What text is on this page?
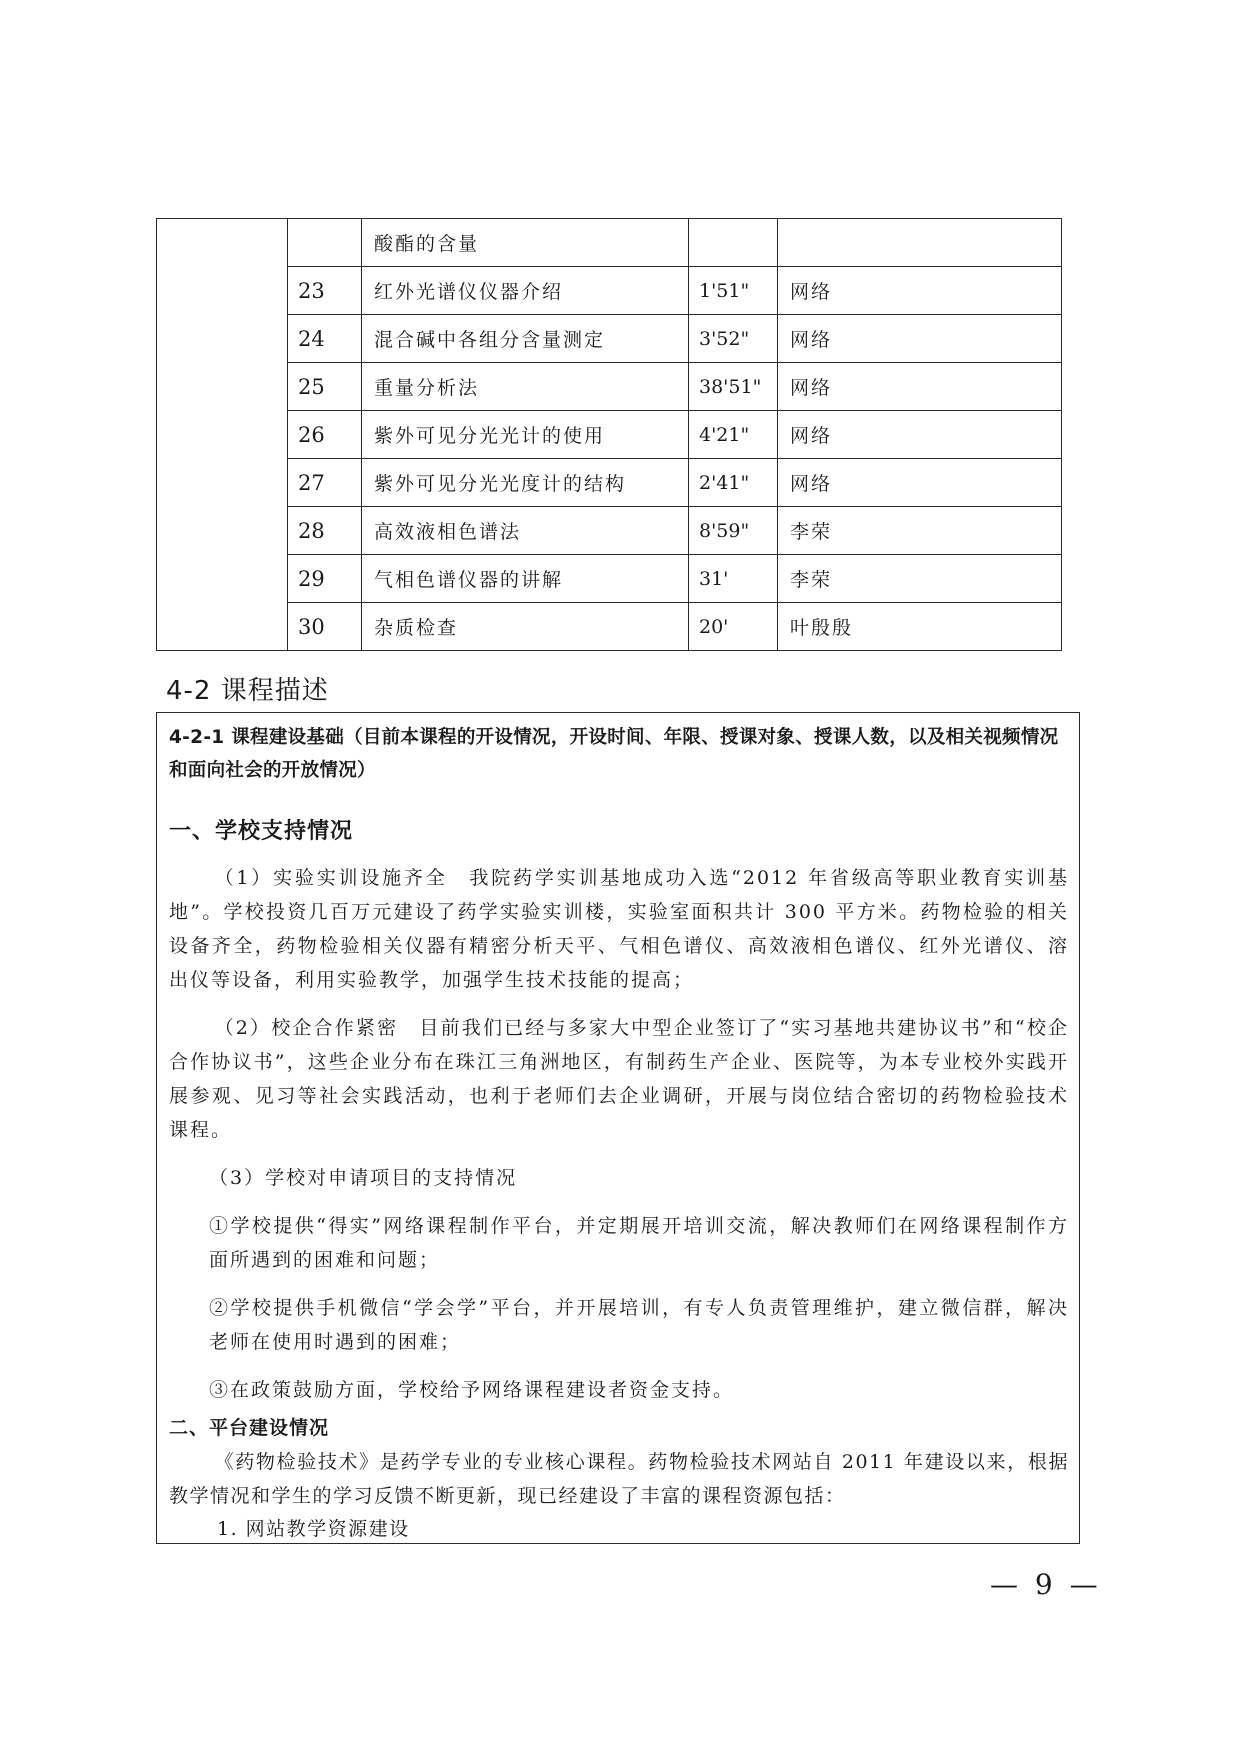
		酸酯的含量		
	23	红外光谱仪仪器介绍	1'51"	网络
	24	混合碱中各组分含量测定	3'52"	网络
	25	重量分析法	38'51"	网络
	26	紫外可见分光光计的使用	4'21"	网络
	27	紫外可见分光光度计的结构	2'41"	网络
	28	高效液相色谱法	8'59"	李荣
	29	气相色谱仪器的讲解	31'	李荣
	30	杂质检查	20'	叶殷殷
4-2 课程描述

4-2-1 课程建设基础（目前本课程的开设情况，开设时间、年限、授课对象、授课人数，以及相关视频情况和面向社会的开放情况）

一、学校支持情况

（1）实验实训设施齐全　我院药学实训基地成功入选“2012 年省级高等职业教育实训基地”。学校投资几百万元建设了药学实验实训楼，实验室面积共计 300 平方米。药物检验的相关设备齐全，药物检验相关仪器有精密分析天平、气相色谱仪、高效液相色谱仪、红外光谱仪、溶出仪等设备，利用实验教学，加强学生技术技能的提高；

（2）校企合作紧密　目前我们已经与多家大中型企业签订了“实习基地共建协议书”和“校企合作协议书”，这些企业分布在珠江三角洲地区，有制药生产企业、医院等，为本专业校外实践开展参观、见习等社会实践活动，也利于老师们去企业调研，开展与岗位结合密切的药物检验技术课程。

（3）学校对申请项目的支持情况

①学校提供“得实”网络课程制作平台，并定期展开培训交流，解决教师们在网络课程制作方面所遇到的困难和问题；

②学校提供手机微信“学会学”平台，并开展培训，有专人负责管理维护，建立微信群，解决老师在使用时遇到的困难；

③在政策鼓励方面，学校给予网络课程建设者资金支持。

二、平台建设情况

《药物检验技术》是药学专业的专业核心课程。药物检验技术网站自 2011 年建设以来，根据教学情况和学生的学习反馈不断更新，现已经建设了丰富的课程资源包括：

1. 网站教学资源建设

— 9 —
